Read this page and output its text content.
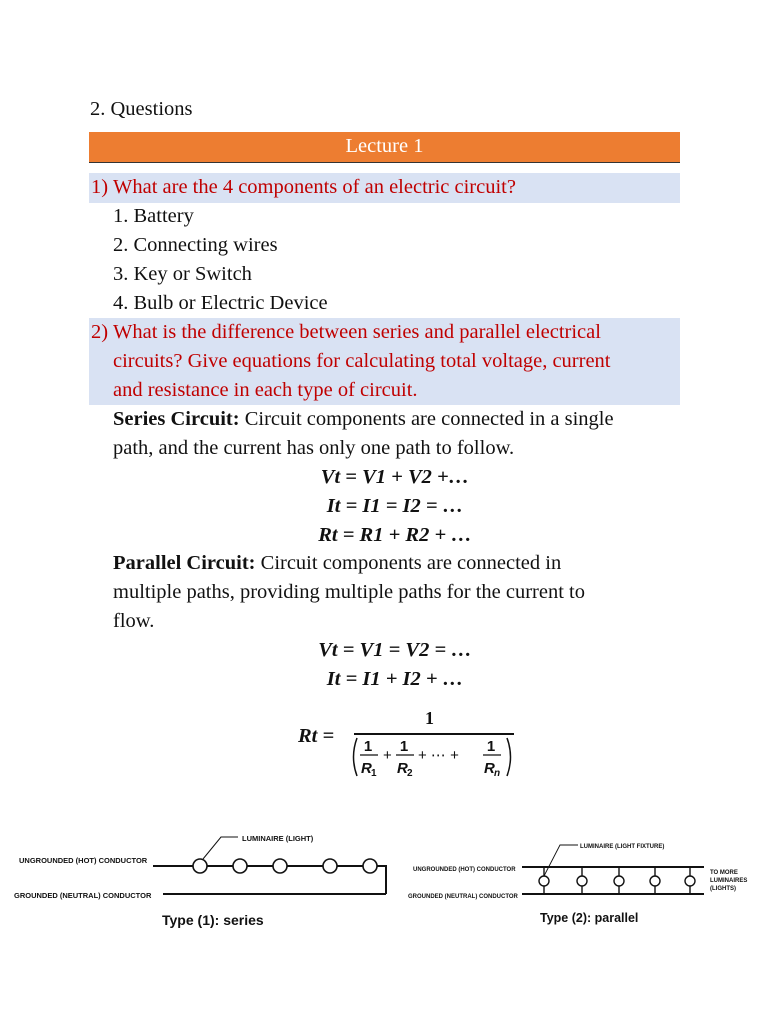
2. Questions
Lecture 1
1) What are the 4 components of an electric circuit?
1. Battery
2. Connecting wires
3. Key or Switch
4. Bulb or Electric Device
2) What is the difference between series and parallel electrical
circuits? Give equations for calculating total voltage, current
and resistance in each type of circuit.
Series Circuit: Circuit components are connected in a single
path, and the current has only one path to follow.
Vt = V1 + V2 +…
It = I1 = I2 = …
Rt = R1 + R2 + …
Parallel Circuit: Circuit components are connected in
multiple paths, providing multiple paths for the current to
flow.
Vt = V1 = V2 = …
It = I1 + I2 + …
Rt =
1
1
R 1
+
1
R 2
+ ⋯ +
1
R n
UNGROUNDED (HOT) CONDUCTOR
GROUNDED (NEUTRAL) CONDUCTOR
LUMINAIRE (LIGHT)
Type (1): series
UNGROUNDED (HOT) CONDUCTOR
GROUNDED (NEUTRAL) CONDUCTOR
LUMINAIRE (LIGHT FIXTURE)
TO MORE
LUMINAIRES
(LIGHTS)
Type (2): parallel
